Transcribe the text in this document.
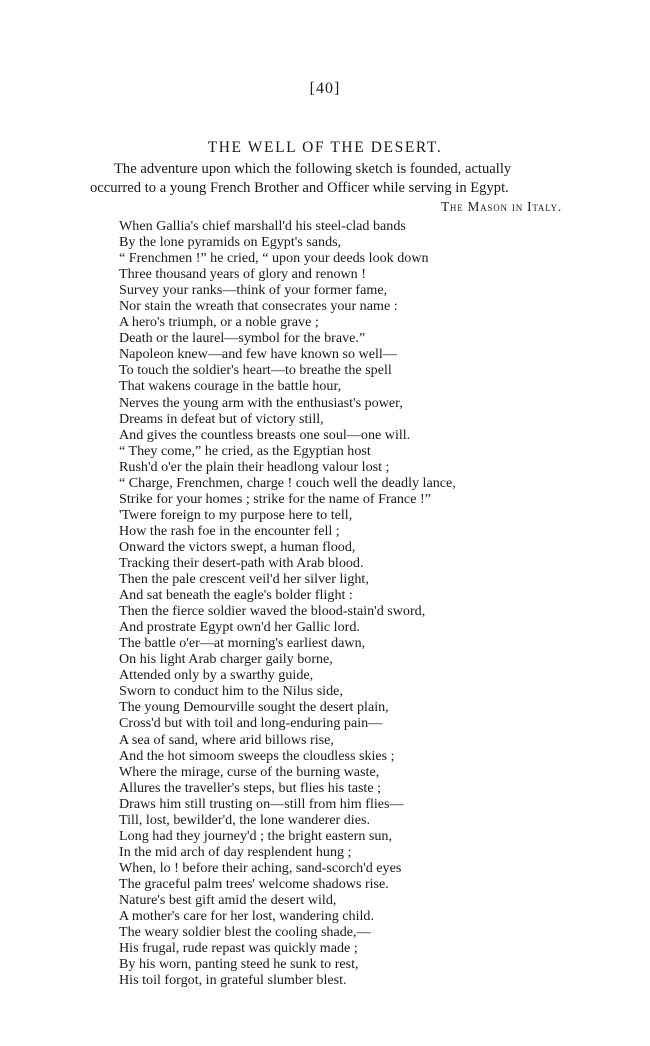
[40]
THE WELL OF THE DESERT.
The adventure upon which the following sketch is founded, actually
occurred to a young French Brother and Officer while serving in Egypt.
The Mason in Italy.
When Gallia's chief marshall'd his steel-clad bands
By the lone pyramids on Egypt's sands,
“ Frenchmen !” he cried, “ upon your deeds look down
Three thousand years of glory and renown !
Survey your ranks—think of your former fame,
Nor stain the wreath that consecrates your name :
A hero's triumph, or a noble grave ;
Death or the laurel—symbol for the brave.”
Napoleon knew—and few have known so well—
To touch the soldier's heart—to breathe the spell
That wakens courage in the battle hour,
Nerves the young arm with the enthusiast's power,
Dreams in defeat but of victory still,
And gives the countless breasts one soul—one will.
“ They come,” he cried, as the Egyptian host
Rush'd o'er the plain their headlong valour lost ;
“ Charge, Frenchmen, charge ! couch well the deadly lance,
Strike for your homes ; strike for the name of France !”
'Twere foreign to my purpose here to tell,
How the rash foe in the encounter fell ;
Onward the victors swept, a human flood,
Tracking their desert-path with Arab blood.
Then the pale crescent veil'd her silver light,
And sat beneath the eagle's bolder flight :
Then the fierce soldier waved the blood-stain'd sword,
And prostrate Egypt own'd her Gallic lord.
The battle o'er—at morning's earliest dawn,
On his light Arab charger gaily borne,
Attended only by a swarthy guide,
Sworn to conduct him to the Nilus side,
The young Demourville sought the desert plain,
Cross'd but with toil and long-enduring pain—
A sea of sand, where arid billows rise,
And the hot simoom sweeps the cloudless skies ;
Where the mirage, curse of the burning waste,
Allures the traveller's steps, but flies his taste ;
Draws him still trusting on—still from him flies—
Till, lost, bewilder'd, the lone wanderer dies.
Long had they journey'd ; the bright eastern sun,
In the mid arch of day resplendent hung ;
When, lo ! before their aching, sand-scorch'd eyes
The graceful palm trees' welcome shadows rise.
Nature's best gift amid the desert wild,
A mother's care for her lost, wandering child.
The weary soldier blest the cooling shade,—
His frugal, rude repast was quickly made ;
By his worn, panting steed he sunk to rest,
His toil forgot, in grateful slumber blest.
